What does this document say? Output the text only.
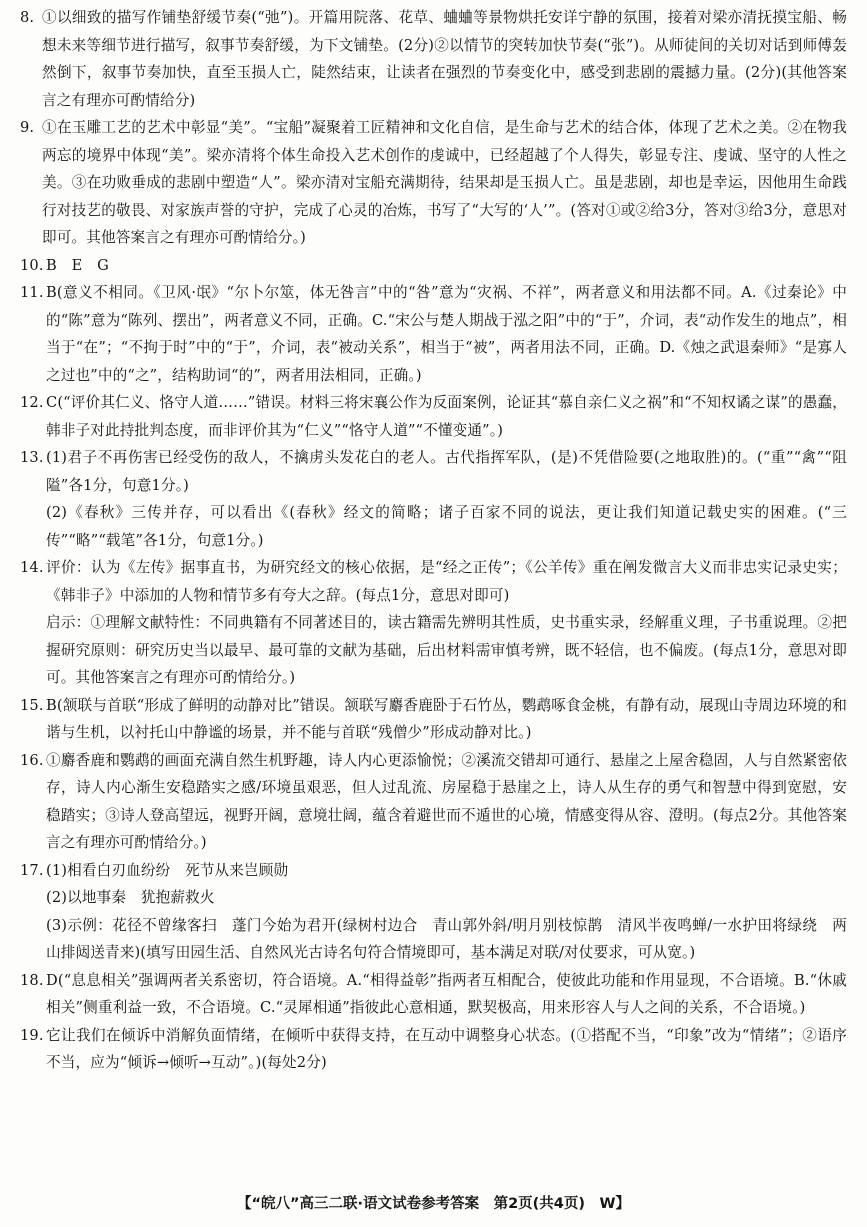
8. ①以细致的描写作铺垫舒缓节奏(“弛”)。开篇用院落、花草、蛐蛐等景物烘托安详宁静的氛围，接着对梁亦清抚摸宝船、畅想未来等细节进行描写，叙事节奏舒缓，为下文铺垫。(2分)②以情节的突转加快节奏(“张”)。从师徒间的关切对话到师傅轰然倒下，叙事节奏加快，直至玉损人亡，陡然结束，让读者在强烈的节奏变化中，感受到悲剧的震撼力量。(2分)(其他答案言之有理亦可酌情给分)
9. ①在玉雕工艺的艺术中彰显“美”。“宝船”凝聚着工匠精神和文化自信，是生命与艺术的结合体，体现了艺术之美。②在物我两忘的境界中体现“美”。梁亦清将个体生命投入艺术创作的虔诚中，已经超越了个人得失，彰显专注、虔诚、坚守的人性之美。③在功败垂成的悲剧中塑造“人”。梁亦清对宝船充满期待，结果却是玉损人亡。虽是悲剧，却也是幸运，因他用生命践行对技艺的敬畏、对家族声誉的守护，完成了心灵的冶炼，书写了“大写的‘人’”。(答对①或②给3分，答对③给3分，意思对即可。其他答案言之有理亦可酌情给分。)
10. B　E　G
11. B(意义不相同。《卫风·氓》“尔卜尔筮，体无咎言”中的“咎”意为“灾祸、不祥”，两者意义和用法都不同。A.《过秦论》中的“陈”意为“陈列、摆出”，两者意义不同，正确。C.“宋公与楚人期战于泓之阳”中的“于”，介词，表“动作发生的地点”，相当于“在”；“不拘于时”中的“于”，介词，表“被动关系”，相当于“被”，两者用法不同，正确。D.《烛之武退秦师》“是寡人之过也”中的“之”，结构助词“的”，两者用法相同，正确。)
12. C(“评价其仁义、恪守人道……”错误。材料三将宋襄公作为反面案例，论证其“慕自亲仁义之祸”和“不知权谲之谋”的愚蠢，韩非子对此持批判态度，而非评价其为“仁义”“恪守人道”“不懂变通”。)
13. (1)君子不再伤害已经受伤的敌人，不擒虏头发花白的老人。古代指挥军队，(是)不凭借险要(之地取胜)的。(“重”“禽”“阻隘”各1分，句意1分。)
(2)《春秋》三传并存，可以看出《(春秋》经文的简略；诸子百家不同的说法，更让我们知道记载史实的困难。(“三传”“略”“载笔”各1分，句意1分。)
14. 评价：认为《左传》据事直书，为研究经文的核心依据，是“经之正传”；《公羊传》重在阐发微言大义而非忠实记录史实；《韩非子》中添加的人物和情节多有夸大之辞。(每点1分，意思对即可)
启示：①理解文献特性：不同典籍有不同著述目的，读古籍需先辨明其性质，史书重实录，经解重义理，子书重说理。②把握研究原则：研究历史当以最早、最可靠的文献为基础，后出材料需审慎考辨，既不轻信，也不偏废。(每点1分，意思对即可。其他答案言之有理亦可酌情给分。)
15. B(颔联与首联“形成了鲜明的动静对比”错误。颔联写麝香鹿卧于石竹丛，鹦鹉啄食金桃，有静有动，展现山寺周边环境的和谐与生机，以衬托山中静谧的场景，并不能与首联“残僧少”形成动静对比。)
16. ①麝香鹿和鹦鹉的画面充满自然生机野趣，诗人内心更添愉悦；②溪流交错却可通行、悬崖之上屋舍稳固，人与自然紧密依存，诗人内心渐生安稳踏实之感/环境虽艰恶，但人过乱流、房屋稳于悬崖之上，诗人从生存的勇气和智慧中得到宽慰，安稳踏实；③诗人登高望远，视野开阔，意境壮阔，蕴含着避世而不遁世的心境，情感变得从容、澄明。(每点2分。其他答案言之有理亦可酌情给分。)
17. (1)相看白刃血纷纷　死节从来岂顾勋
(2)以地事秦　犹抱薪救火
(3)示例：花径不曾缘客扫　蓬门今始为君开(绿树村边合　青山郭外斜/明月别枝惊鹊　清风半夜鸣蝉/一水护田将绿绕　两山排闼送青来)(填写田园生活、自然风光古诗名句符合情境即可，基本满足对联/对仗要求，可从宽。)
18. D(“息息相关”强调两者关系密切，符合语境。A.“相得益彰”指两者互相配合，使彼此功能和作用显现，不合语境。B.“休戚相关”侧重利益一致，不合语境。C.“灵犀相通”指彼此心意相通，默契极高，用来形容人与人之间的关系，不合语境。)
19. 它让我们在倾诉中消解负面情绪，在倾听中获得支持，在互动中调整身心状态。(①搭配不当，“印象”改为“情绪”；②语序不当，应为“倾诉→倾听→互动”。)(每处2分)
【“皖八”高三二联·语文试卷参考答案　第2页(共4页)　W】
